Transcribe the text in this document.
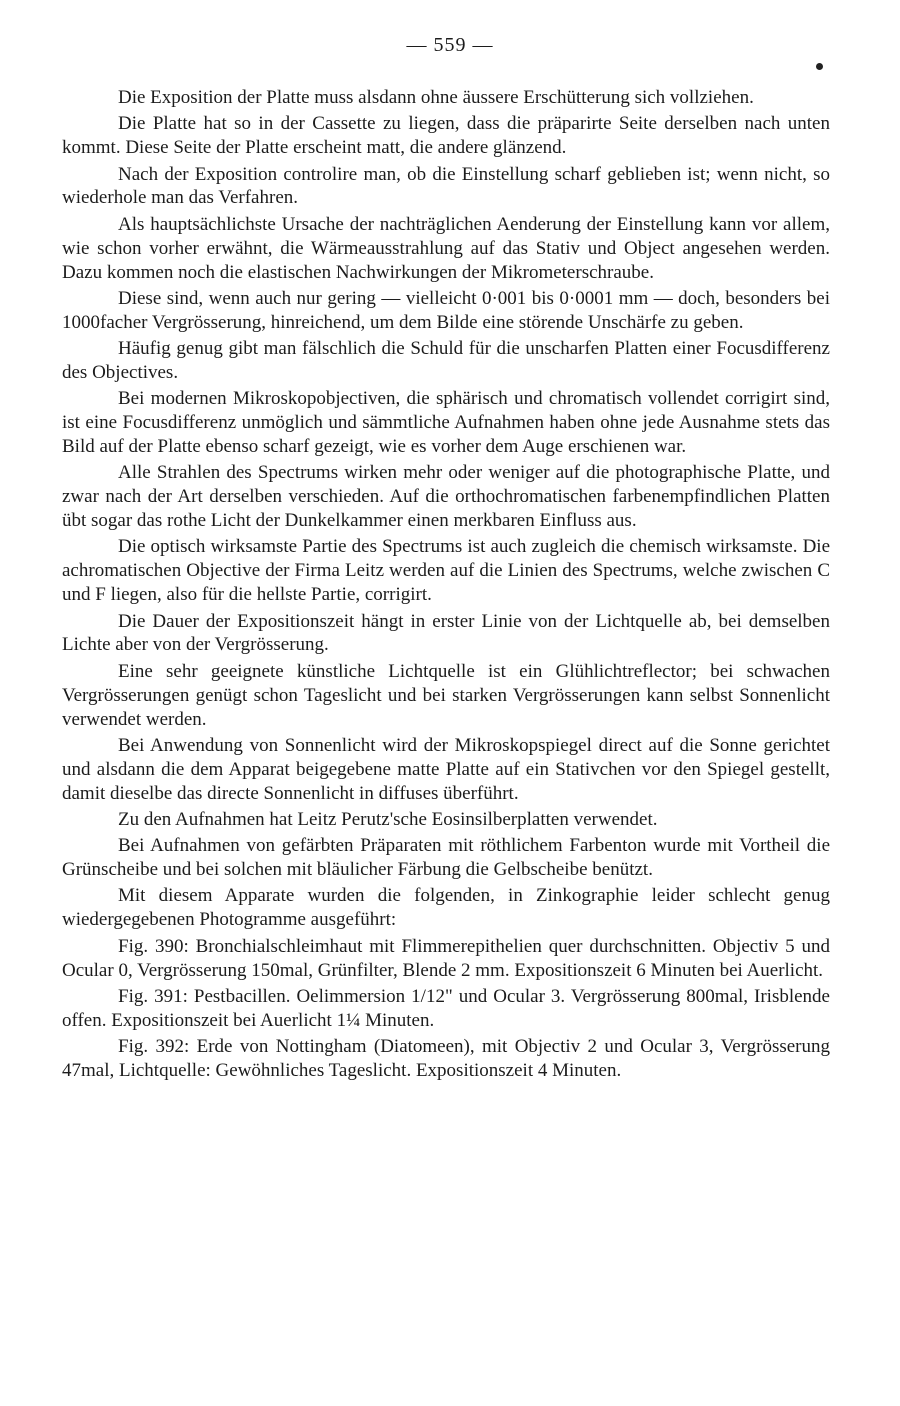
— 559 —

Die Exposition der Platte muss alsdann ohne äussere Erschütterung sich vollziehen.

Die Platte hat so in der Cassette zu liegen, dass die präparirte Seite derselben nach unten kommt. Diese Seite der Platte erscheint matt, die andere glänzend.

Nach der Exposition controlire man, ob die Einstellung scharf geblieben ist; wenn nicht, so wiederhole man das Verfahren.

Als hauptsächlichste Ursache der nachträglichen Aenderung der Einstellung kann vor allem, wie schon vorher erwähnt, die Wärmeausstrahlung auf das Stativ und Object angesehen werden. Dazu kommen noch die elastischen Nachwirkungen der Mikrometerschraube.

Diese sind, wenn auch nur gering — vielleicht 0·001 bis 0·0001 mm — doch, besonders bei 1000facher Vergrösserung, hinreichend, um dem Bilde eine störende Unschärfe zu geben.

Häufig genug gibt man fälschlich die Schuld für die unscharfen Platten einer Focusdifferenz des Objectives.

Bei modernen Mikroskopobjectiven, die sphärisch und chromatisch vollendet corrigirt sind, ist eine Focusdifferenz unmöglich und sämmtliche Aufnahmen haben ohne jede Ausnahme stets das Bild auf der Platte ebenso scharf gezeigt, wie es vorher dem Auge erschienen war.

Alle Strahlen des Spectrums wirken mehr oder weniger auf die photographische Platte, und zwar nach der Art derselben verschieden. Auf die orthochromatischen farbenempfindlichen Platten übt sogar das rothe Licht der Dunkelkammer einen merkbaren Einfluss aus.

Die optisch wirksamste Partie des Spectrums ist auch zugleich die chemisch wirksamste. Die achromatischen Objective der Firma Leitz werden auf die Linien des Spectrums, welche zwischen C und F liegen, also für die hellste Partie, corrigirt.

Die Dauer der Expositionszeit hängt in erster Linie von der Lichtquelle ab, bei demselben Lichte aber von der Vergrösserung.

Eine sehr geeignete künstliche Lichtquelle ist ein Glühlichtreflector; bei schwachen Vergrösserungen genügt schon Tageslicht und bei starken Vergrösserungen kann selbst Sonnenlicht verwendet werden.

Bei Anwendung von Sonnenlicht wird der Mikroskopspiegel direct auf die Sonne gerichtet und alsdann die dem Apparat beigegebene matte Platte auf ein Stativchen vor den Spiegel gestellt, damit dieselbe das directe Sonnenlicht in diffuses überführt.

Zu den Aufnahmen hat Leitz Perutz'sche Eosinsilberplatten verwendet.

Bei Aufnahmen von gefärbten Präparaten mit röthlichem Farbenton wurde mit Vortheil die Grünscheibe und bei solchen mit bläulicher Färbung die Gelbscheibe benützt.

Mit diesem Apparate wurden die folgenden, in Zinkographie leider schlecht genug wiedergegebenen Photogramme ausgeführt:

Fig. 390: Bronchialschleimhaut mit Flimmerepithelien quer durchschnitten. Objectiv 5 und Ocular 0, Vergrösserung 150mal, Grünfilter, Blende 2 mm. Expositionszeit 6 Minuten bei Auerlicht.

Fig. 391: Pestbacillen. Oelimmersion 1/12" und Ocular 3. Vergrösserung 800mal, Irisblende offen. Expositionszeit bei Auerlicht 1¼ Minuten.

Fig. 392: Erde von Nottingham (Diatomeen), mit Objectiv 2 und Ocular 3, Vergrösserung 47mal, Lichtquelle: Gewöhnliches Tageslicht. Expositionszeit 4 Minuten.
